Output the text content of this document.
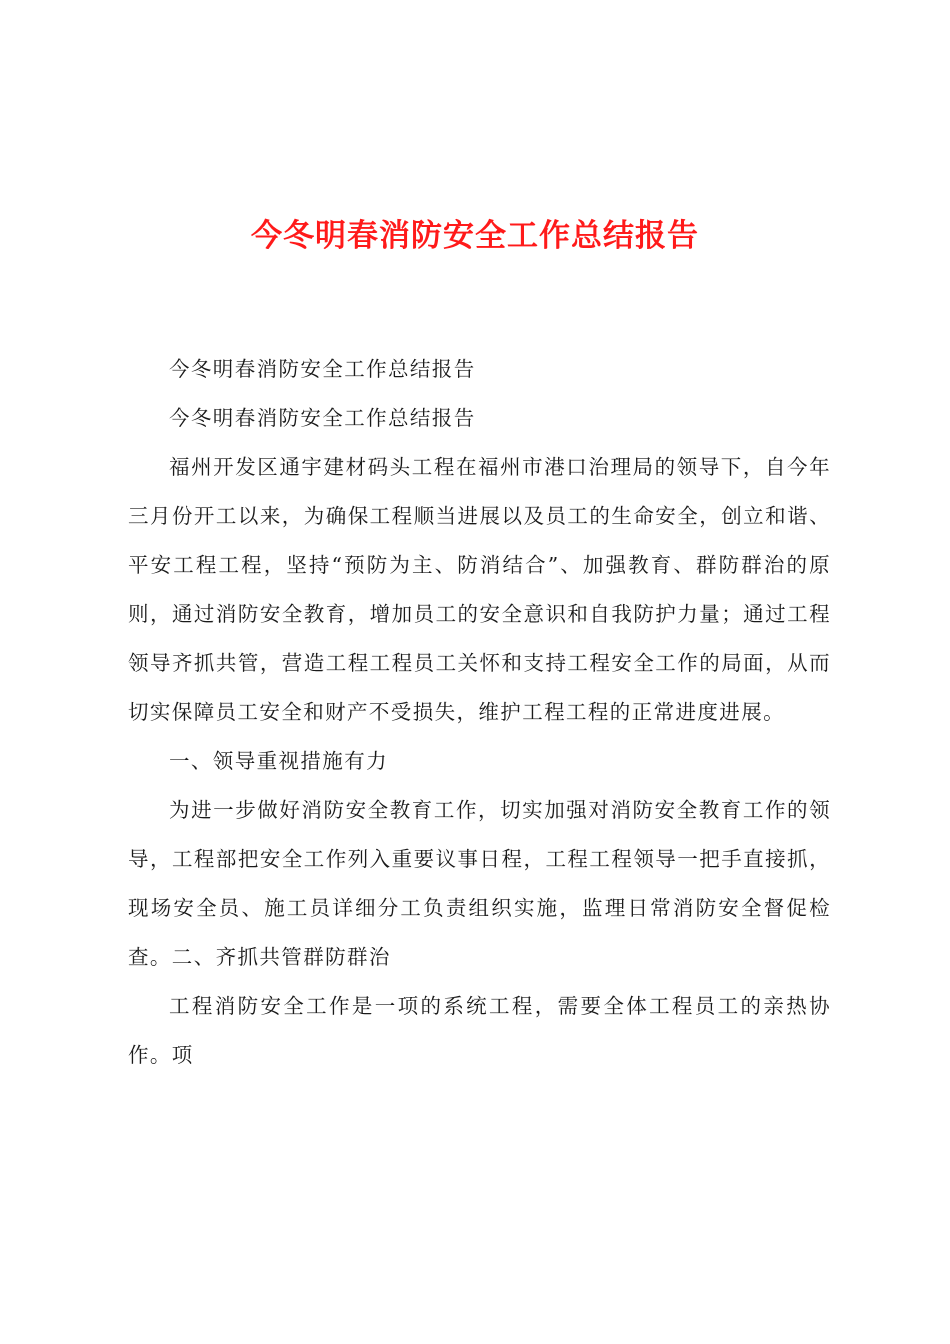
今冬明春消防安全工作总结报告

今冬明春消防安全工作总结报告

今冬明春消防安全工作总结报告

福州开发区通宇建材码头工程在福州市港口治理局的领导下，自今年三月份开工以来，为确保工程顺当进展以及员工的生命安全，创立和谐、平安工程工程，坚持“预防为主、防消结合”、加强教育、群防群治的原则，通过消防安全教育，增加员工的安全意识和自我防护力量；通过工程领导齐抓共管，营造工程工程员工关怀和支持工程安全工作的局面，从而切实保障员工安全和财产不受损失，维护工程工程的正常进度进展。

一、领导重视措施有力

为进一步做好消防安全教育工作，切实加强对消防安全教育工作的领导，工程部把安全工作列入重要议事日程，工程工程领导一把手直接抓，现场安全员、施工员详细分工负责组织实施，监理日常消防安全督促检查。二、齐抓共管群防群治

工程消防安全工作是一项的系统工程，需要全体工程员工的亲热协作。项
